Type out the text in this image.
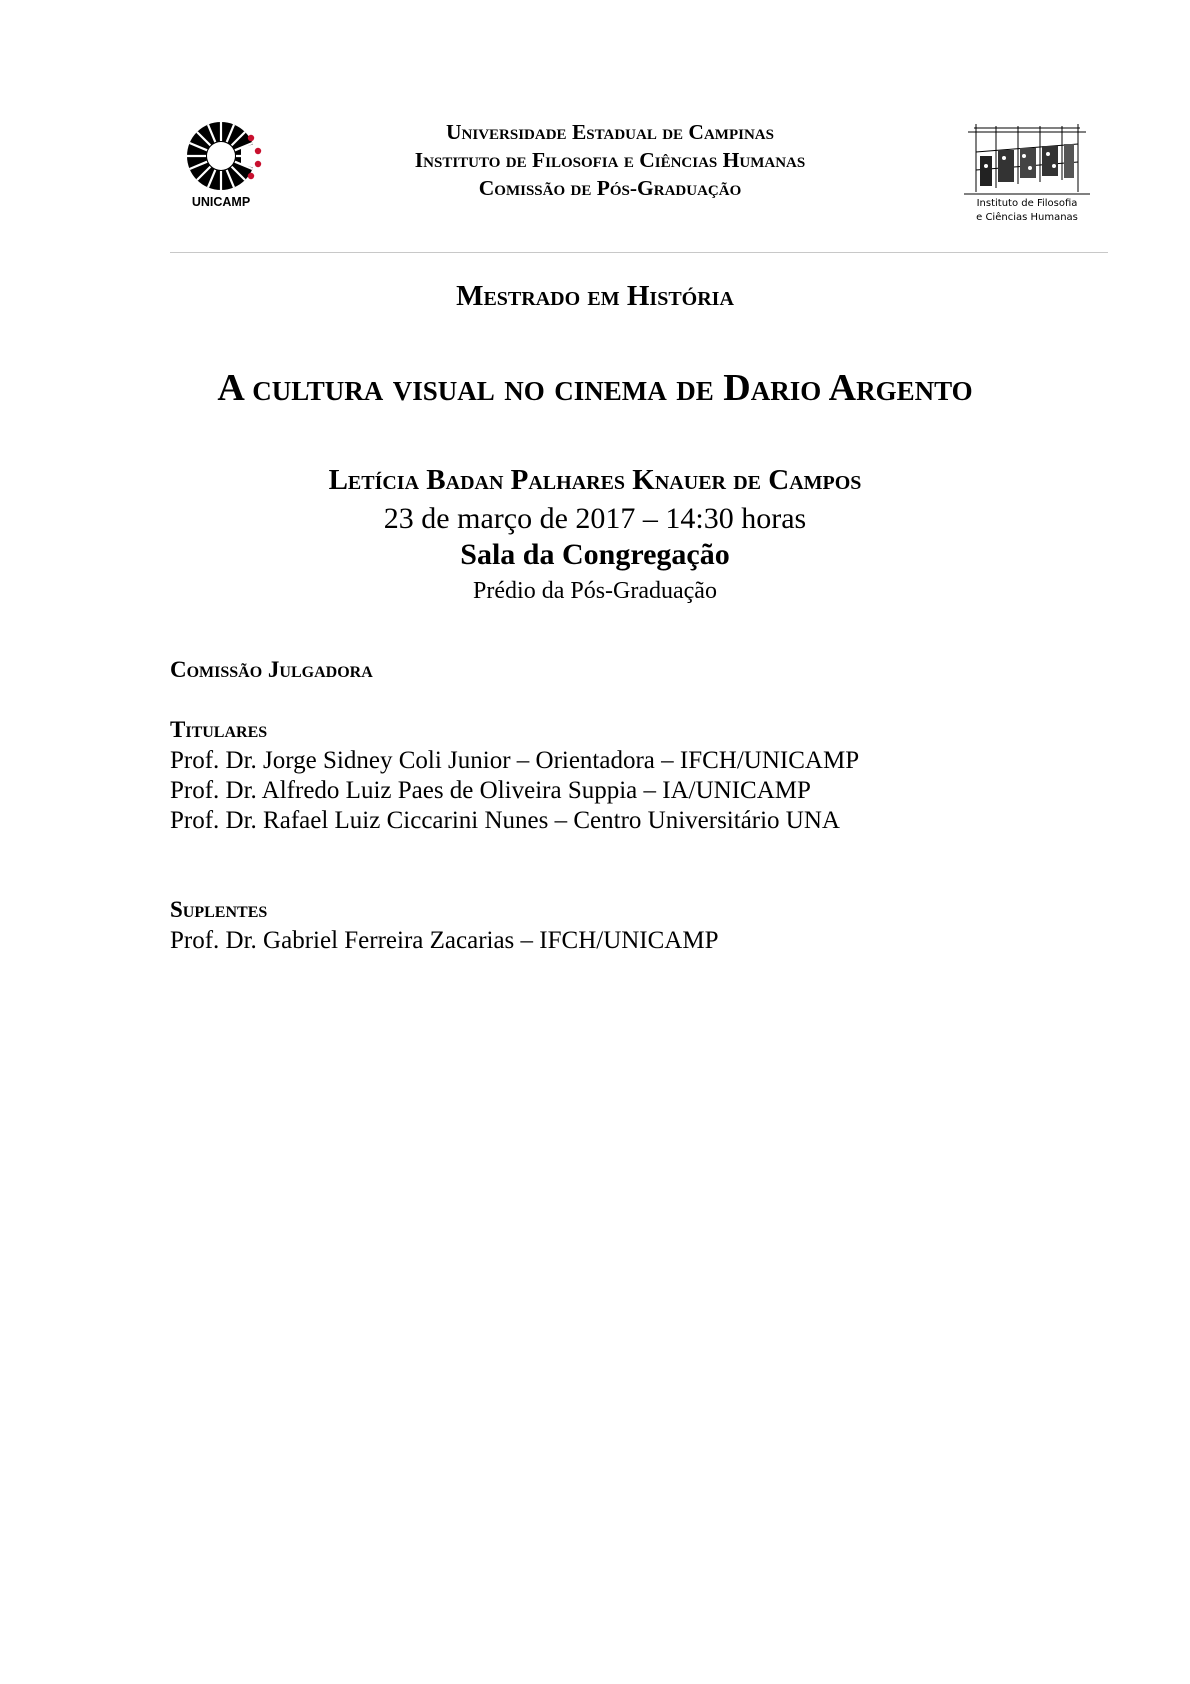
UNICAMP
Universidade Estadual de Campinas
Instituto de Filosofia e Ciências Humanas
Comissão de Pós-Graduação
Instituto de Filosofia
e Ciências Humanas
Mestrado em História
A cultura visual no cinema de Dario Argento
Letícia Badan Palhares Knauer de Campos
23 de março de 2017 – 14:30 horas
Sala da Congregação
Prédio da Pós-Graduação
Comissão Julgadora
Titulares
Prof. Dr. Jorge Sidney Coli Junior – Orientadora – IFCH/UNICAMP
Prof. Dr. Alfredo Luiz Paes de Oliveira Suppia – IA/UNICAMP
Prof. Dr. Rafael Luiz Ciccarini Nunes – Centro Universitário UNA
Suplentes
Prof. Dr. Gabriel Ferreira Zacarias – IFCH/UNICAMP
